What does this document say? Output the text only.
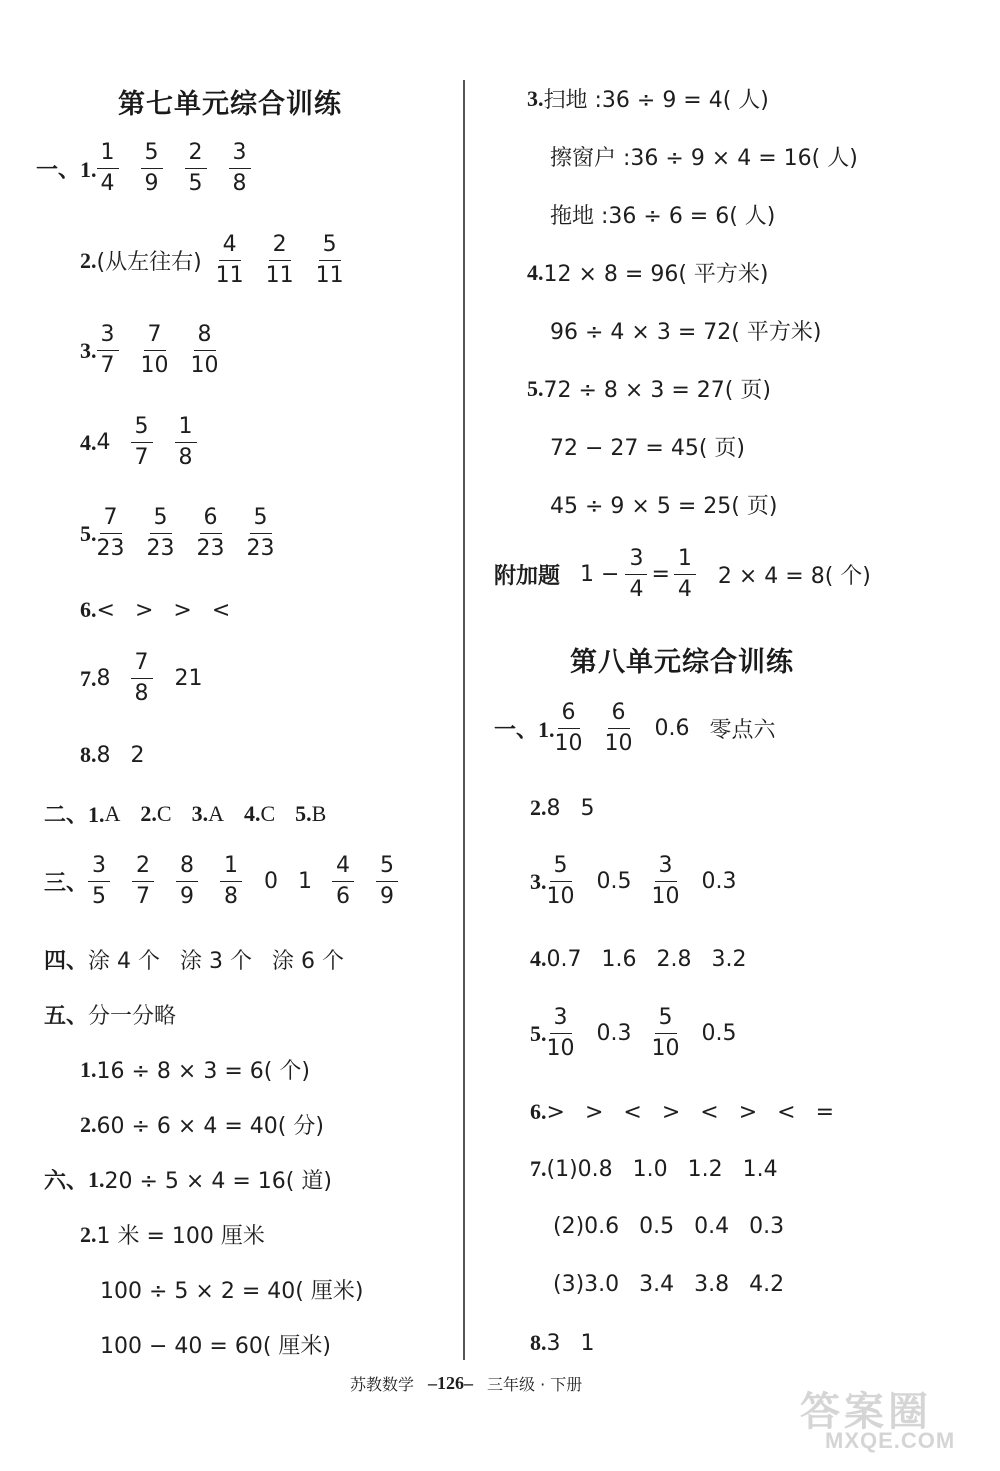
第七单元综合训练
一、1. $\frac{1}{4} \frac{5}{9} \frac{2}{5} \frac{3}{8}$
2. (从左往右) $\frac{4}{11} \frac{2}{11} \frac{5}{11}$
3. $\frac{3}{7} \frac{7}{10} \frac{8}{10}$
4. $4 \frac{5}{7} \frac{1}{8}$
5. $\frac{7}{23} \frac{5}{23} \frac{6}{23} \frac{5}{23}$
6. < > > <
7. $8 \frac{7}{8} 21$
8. 8 2
二、1. A 2. C 3. A 4. C 5. B
三、 $\frac{3}{5} \frac{2}{7} \frac{8}{9} \frac{1}{8} 0$ $1 \frac{4}{6} \frac{5}{9}$
四、 涂 4 个 涂 3 个 涂 6 个
五、 分一分略
1. 16 ÷ 8 × 3 = 6( 个)
2. 60 ÷ 6 × 4 = 40( 分)
六、 1. 20 ÷ 5 × 4 = 16( 道)
2. 1 米 = 100 厘米
100 ÷ 5 × 2 = 40( 厘米)
100 − 40 = 60( 厘米)
3. 扫地 :36 ÷ 9 = 4( 人)
擦窗户 :36 ÷ 9 × 4 = 16( 人)
拖地 :36 ÷ 6 = 6( 人)
4. 12 × 8 = 96( 平方米)
96 ÷ 4 × 3 = 72( 平方米)
5. 72 ÷ 8 × 3 = 27( 页)
72 − 27 = 45( 页)
45 ÷ 9 × 5 = 25( 页)
附加题 $1 - \frac{3}{4} = \frac{1}{4} 2 \times 4 = 8$( 个)
第八单元综合训练
一、1. $\frac{6}{10} \frac{6}{10} 0.6$ 零点六
2. 8 5
3. $\frac{5}{10} 0.5 \frac{3}{10} 0.3$
4. 0.7 1.6 2.8 3.2
5. $\frac{3}{10} 0.3 \frac{5}{10} 0.5$
6. > > < > < > < =
7. (1)0.8 1.0 1.2 1.4
(2)0.6 0.5 0.4 0.3
(3)3.0 3.4 3.8 4.2
8. 3 1
苏教数学 –126– 三年级 · 下册
答案圈
MXQE.COM
